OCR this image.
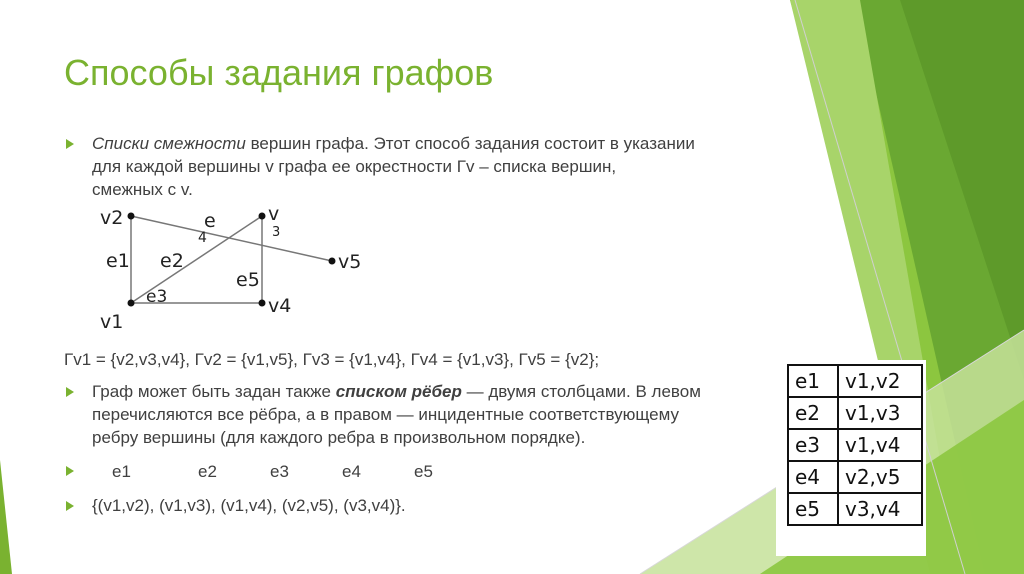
Способы задания графов
Списки смежности вершин графа. Этот способ задания состоит в указании
для каждой вершины v графа ее окрестности Гv – списка вершин,
смежных с v.
v2
v1
v
3
v4
v5
e1 e2
e3
e
4
e5
Гv1 = {v2,v3,v4}, Гv2 = {v1,v5}, Гv3 = {v1,v4}, Гv4 = {v1,v3}, Гv5 = {v2};
Граф может быть задан также списком рёбер — двумя столбцами. В левом
перечисляются все рёбра, а в правом — инцидентные соответствующему
ребру вершины (для каждого ребра в произвольном порядке).
e1	e2	e3	e4	e5
{(v1,v2), (v1,v3), (v1,v4), (v2,v5), (v3,v4)}.
e1	v1,v2
e2	v1,v3
e3	v1,v4
e4	v2,v5
e5	v3,v4
